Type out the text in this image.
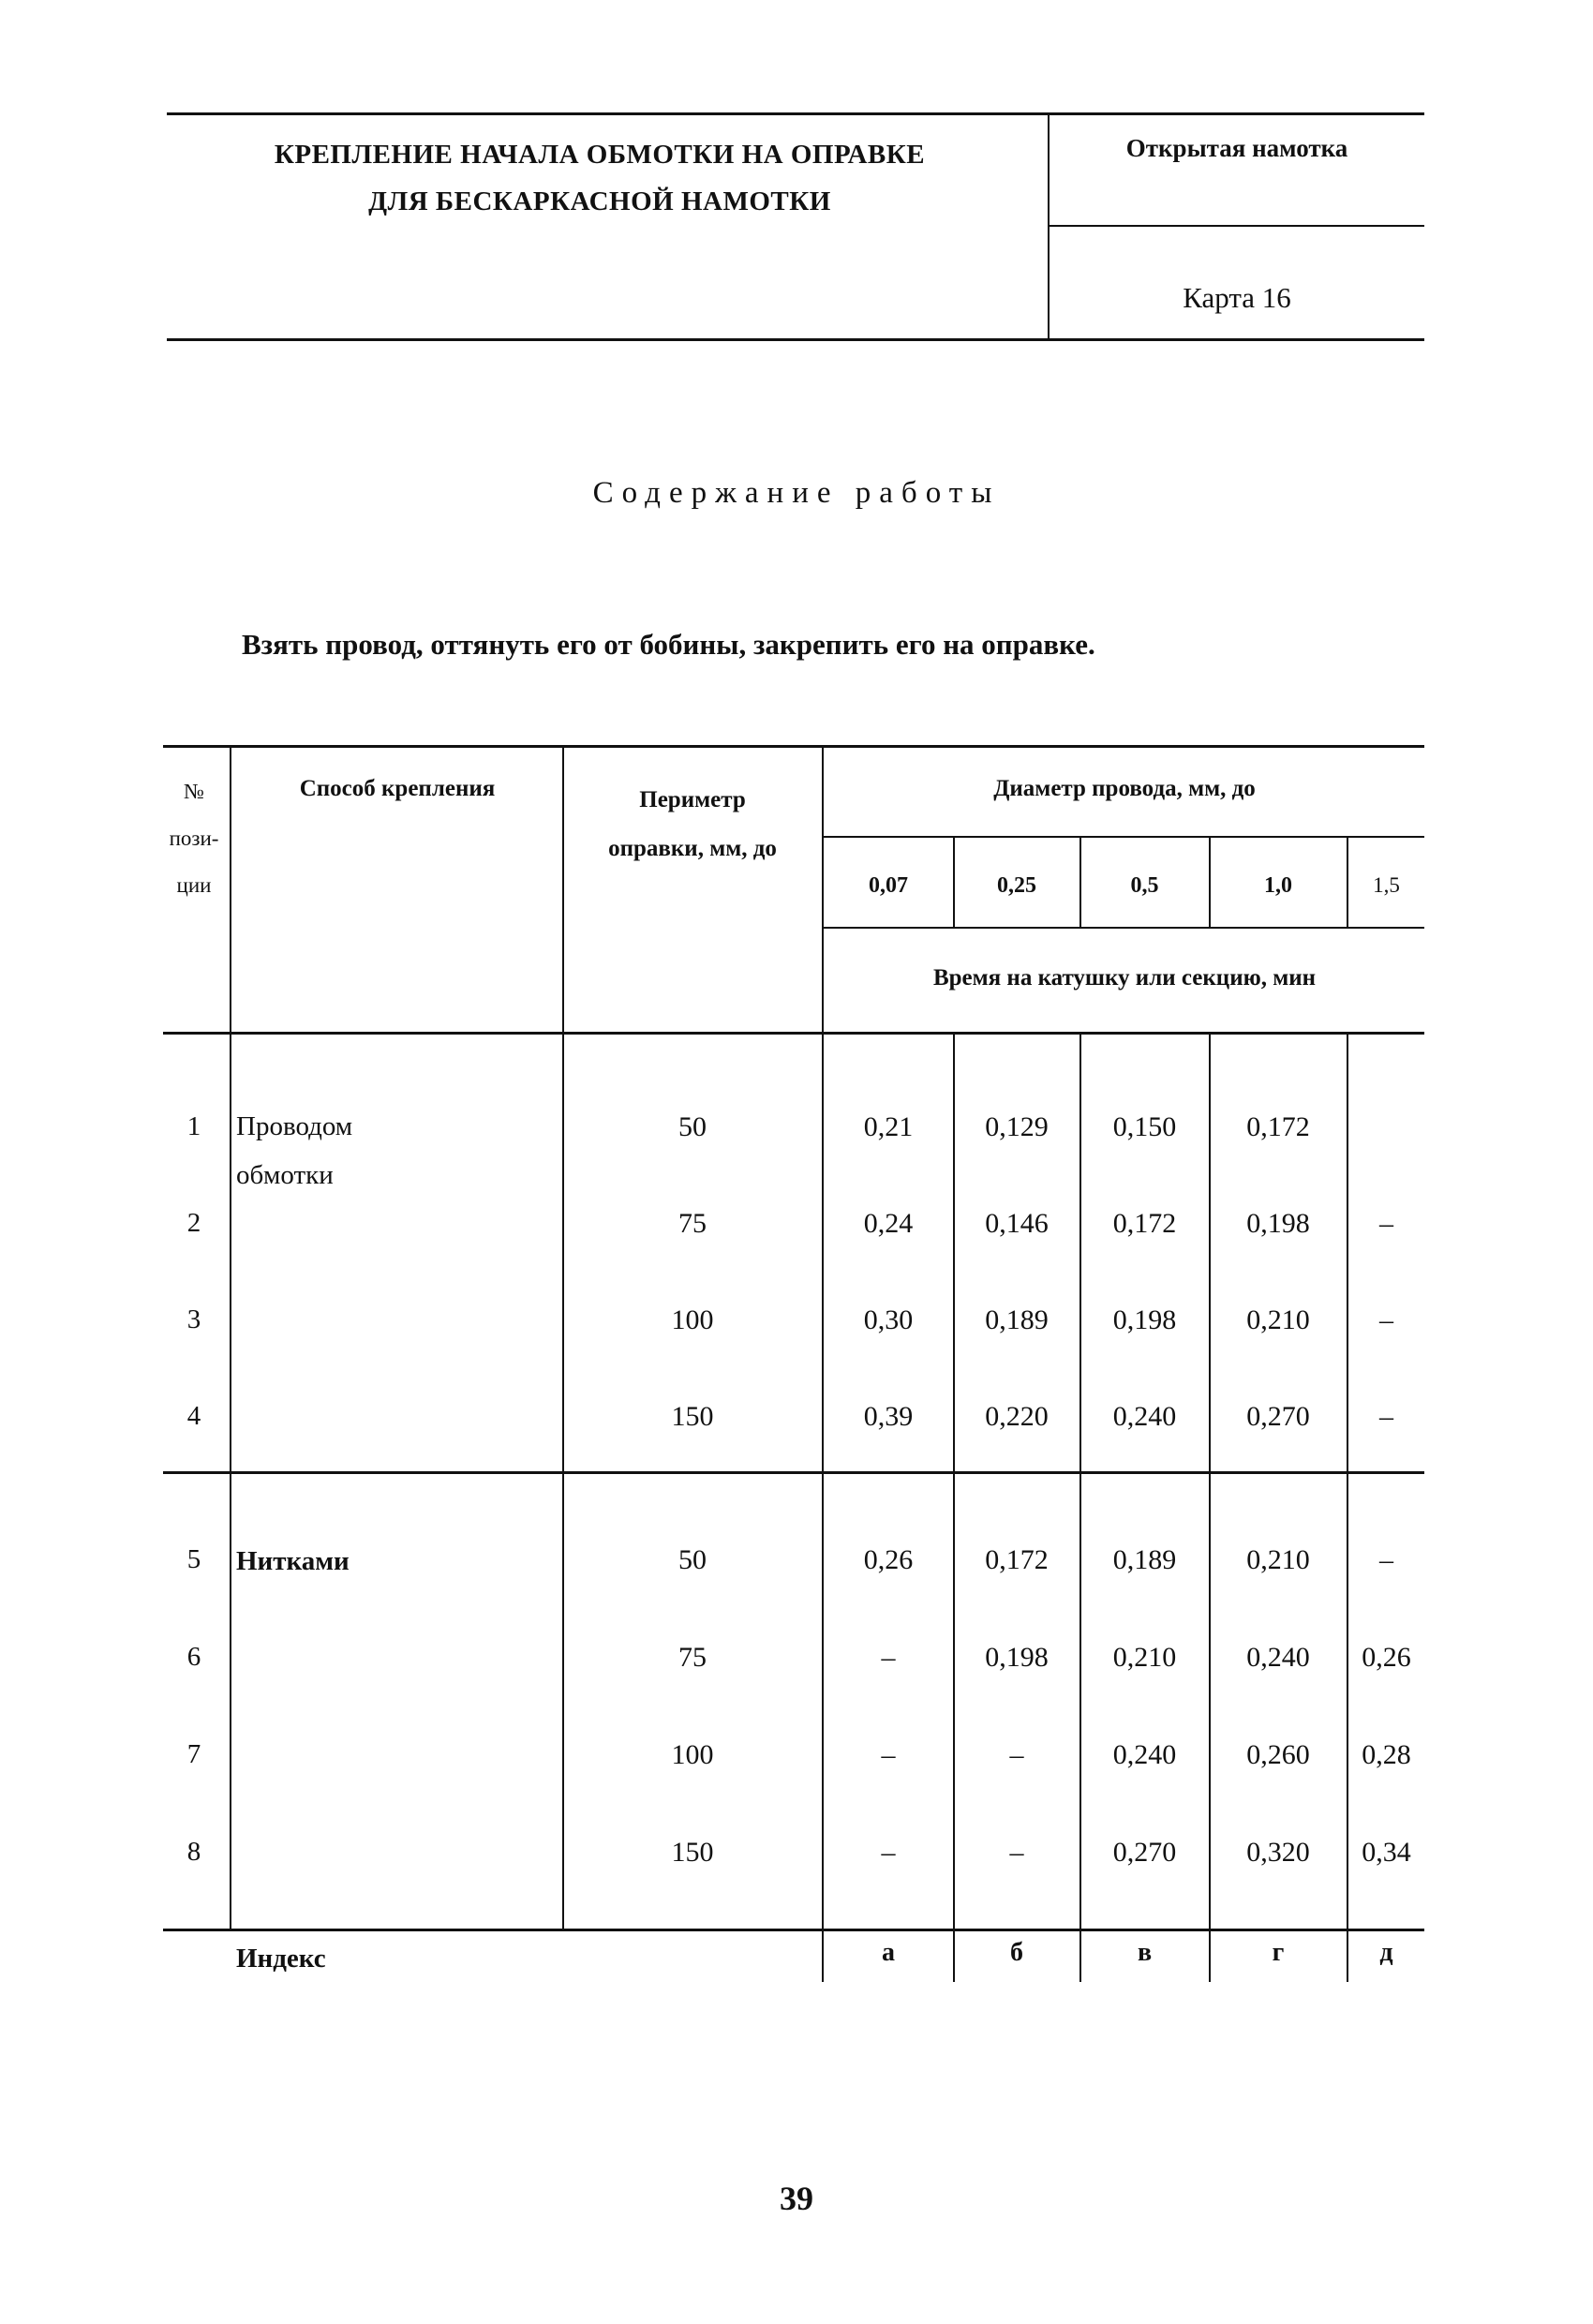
КРЕПЛЕНИЕ НАЧАЛА ОБМОТКИ НА ОПРАВКЕ
ДЛЯ БЕСКАРКАСНОЙ НАМОТКИ
Открытая намотка
Карта 16
Содержание работы
Взять провод, оттянуть его от бобины, закрепить его на оправке.
№
пози-
ции
Способ крепления	Периметр
оправки, мм, до
Диаметр провода, мм, до
0,07	0,25	0,5	1,0	1,5
Время на катушку или секцию, мин
Проводом
обмотки
1	50	0,21	0,129	0,150	0,172
2	75	0,24	0,146	0,172	0,198	–
3	100	0,30	0,189	0,198	0,210	–
4	150	0,39	0,220	0,240	0,270	–
Нитками
5	50	0,26	0,172	0,189	0,210	–
6	75	–	0,198	0,210	0,240	0,26
7	100	–	–	0,240	0,260	0,28
8	150	–	–	0,270	0,320	0,34
Индекс	а	б	в	г	д
39
